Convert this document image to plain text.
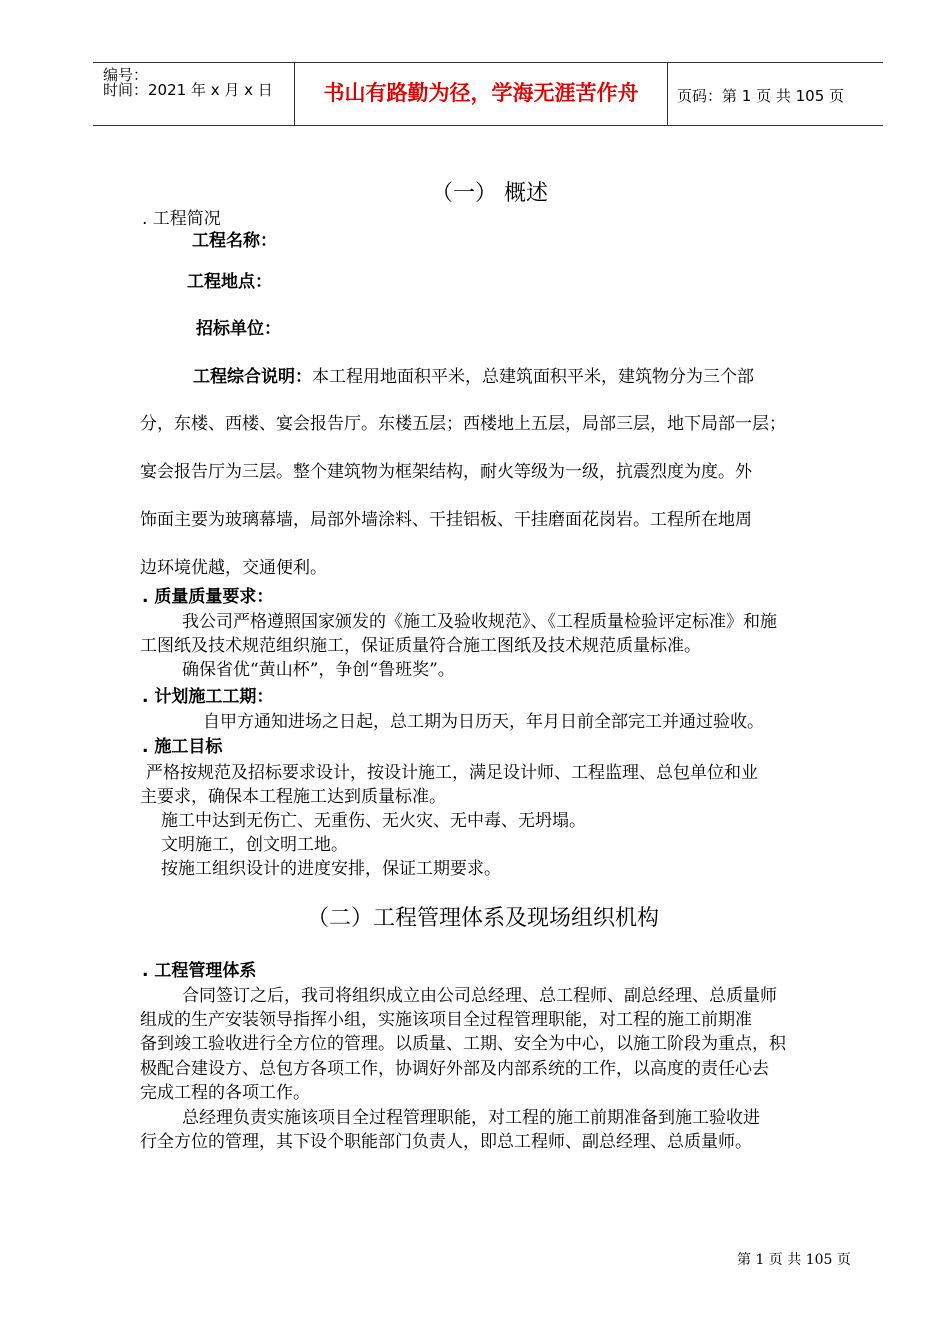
编号：
时间：2021 年 x 月 x 日	书山有路勤为径，学海无涯苦作舟	页码：第 1 页 共 105 页
（一） 概述
. 工程简况
工程名称：
工程地点：
招标单位：
工程综合说明：本工程用地面积平米，总建筑面积平米，建筑物分为三个部
分，东楼、西楼、宴会报告厅。东楼五层；西楼地上五层，局部三层，地下局部一层；
宴会报告厅为三层。整个建筑物为框架结构，耐火等级为一级，抗震烈度为度。外
饰面主要为玻璃幕墙，局部外墙涂料、干挂铝板、干挂磨面花岗岩。工程所在地周
边环境优越，交通便利。
. 质量质量要求：
我公司严格遵照国家颁发的《施工及验收规范》、《工程质量检验评定标准》和施
工图纸及技术规范组织施工，保证质量符合施工图纸及技术规范质量标准。
确保省优“黄山杯”，争创“鲁班奖”。
. 计划施工工期：
自甲方通知进场之日起，总工期为日历天，年月日前全部完工并通过验收。
. 施工目标
严格按规范及招标要求设计，按设计施工，满足设计师、工程监理、总包单位和业
主要求，确保本工程施工达到质量标准。
施工中达到无伤亡、无重伤、无火灾、无中毒、无坍塌。
文明施工，创文明工地。
按施工组织设计的进度安排，保证工期要求。
（二）工程管理体系及现场组织机构
. 工程管理体系
合同签订之后，我司将组织成立由公司总经理、总工程师、副总经理、总质量师
组成的生产安装领导指挥小组，实施该项目全过程管理职能，对工程的施工前期准
备到竣工验收进行全方位的管理。以质量、工期、安全为中心，以施工阶段为重点，积
极配合建设方、总包方各项工作，协调好外部及内部系统的工作，以高度的责任心去
完成工程的各项工作。
总经理负责实施该项目全过程管理职能，对工程的施工前期准备到施工验收进
行全方位的管理，其下设个职能部门负责人，即总工程师、副总经理、总质量师。
第 1 页 共 105 页
